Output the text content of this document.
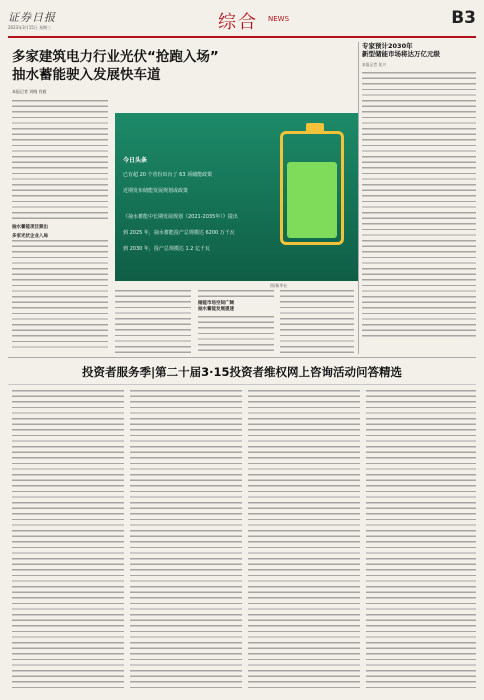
证券日报
2023年3月15日 星期三	综合 NEWS	B3
多家建筑电力行业光伏“抢跑入场”
抽水蓄能驶入发展快车道
本报记者 刘晓 肖毅
抽水蓄能项目频出
多家光伏企业入局
今日头条
已有超 20 个省份出台了 63 项储能政策
近期发布储能发展规划或政策
《抽水蓄能中长期发展规划（2021-2035年）》提出
到 2025 年，抽水蓄能投产总规模达 6200 万千瓦
到 2030 年，投产总规模达 1.2 亿千瓦
图/新华社
储能市场空间广阔
抽水蓄能发展提速
专家预计2030年
新型储能市场将达万亿元级
本报记者 张兴
投资者服务季|第二十届3·15投资者维权网上咨询活动问答精选
